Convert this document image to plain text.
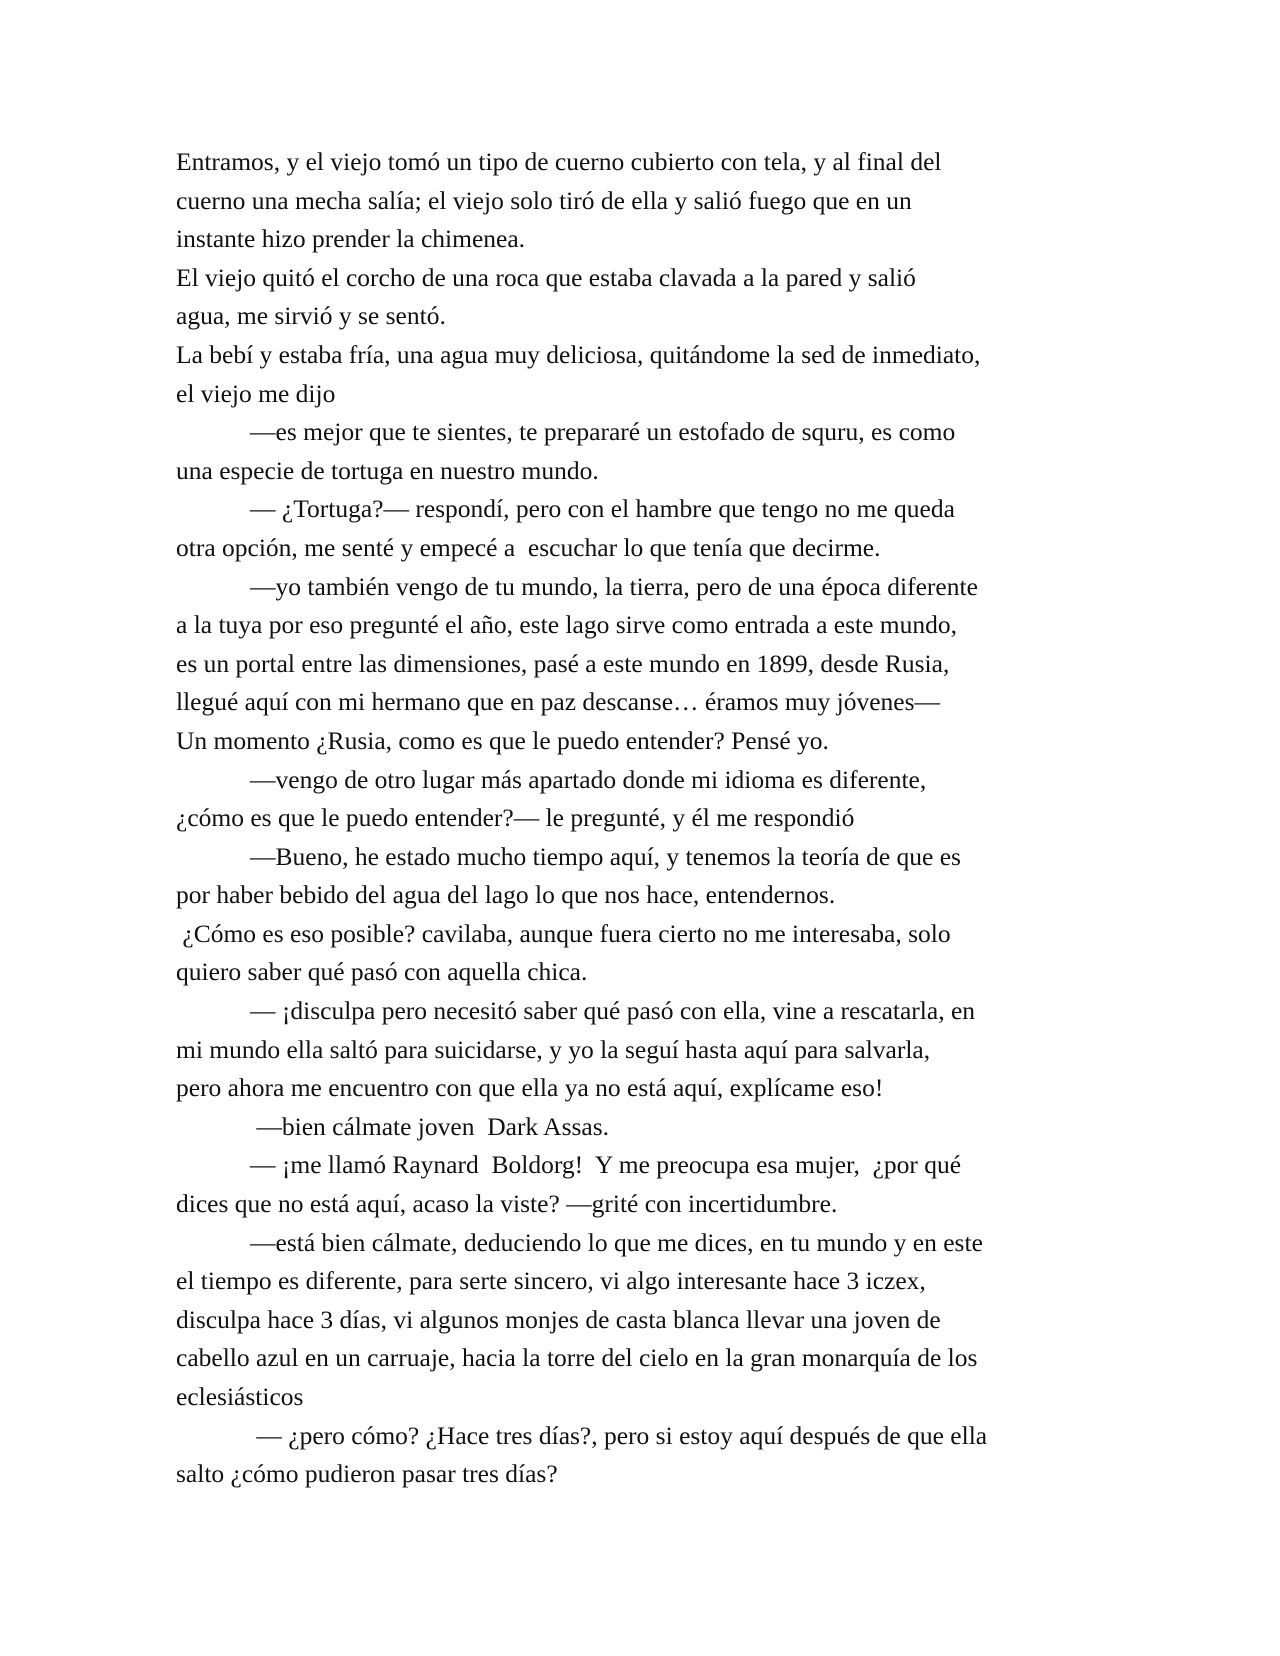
Entramos, y el viejo tomó un tipo de cuerno cubierto con tela, y al final del
cuerno una mecha salía; el viejo solo tiró de ella y salió fuego que en un
instante hizo prender la chimenea.
El viejo quitó el corcho de una roca que estaba clavada a la pared y salió
agua, me sirvió y se sentó.
La bebí y estaba fría, una agua muy deliciosa, quitándome la sed de inmediato,
el viejo me dijo
—es mejor que te sientes, te prepararé un estofado de squru, es como
una especie de tortuga en nuestro mundo.
— ¿Tortuga?— respondí, pero con el hambre que tengo no me queda
otra opción, me senté y empecé a  escuchar lo que tenía que decirme.
—yo también vengo de tu mundo, la tierra, pero de una época diferente
a la tuya por eso pregunté el año, este lago sirve como entrada a este mundo,
es un portal entre las dimensiones, pasé a este mundo en 1899, desde Rusia,
llegué aquí con mi hermano que en paz descanse… éramos muy jóvenes—
Un momento ¿Rusia, como es que le puedo entender? Pensé yo.
—vengo de otro lugar más apartado donde mi idioma es diferente,
¿cómo es que le puedo entender?— le pregunté, y él me respondió
—Bueno, he estado mucho tiempo aquí, y tenemos la teoría de que es
por haber bebido del agua del lago lo que nos hace, entendernos.
¿Cómo es eso posible? cavilaba, aunque fuera cierto no me interesaba, solo
quiero saber qué pasó con aquella chica.
— ¡disculpa pero necesitó saber qué pasó con ella, vine a rescatarla, en
mi mundo ella saltó para suicidarse, y yo la seguí hasta aquí para salvarla,
pero ahora me encuentro con que ella ya no está aquí, explícame eso!
—bien cálmate joven  Dark Assas.
— ¡me llamó Raynard  Boldorg!  Y me preocupa esa mujer,  ¿por qué
dices que no está aquí, acaso la viste? —grité con incertidumbre.
—está bien cálmate, deduciendo lo que me dices, en tu mundo y en este
el tiempo es diferente, para serte sincero, vi algo interesante hace 3 iczex,
disculpa hace 3 días, vi algunos monjes de casta blanca llevar una joven de
cabello azul en un carruaje, hacia la torre del cielo en la gran monarquía de los
eclesiásticos
— ¿pero cómo? ¿Hace tres días?, pero si estoy aquí después de que ella
salto ¿cómo pudieron pasar tres días?
